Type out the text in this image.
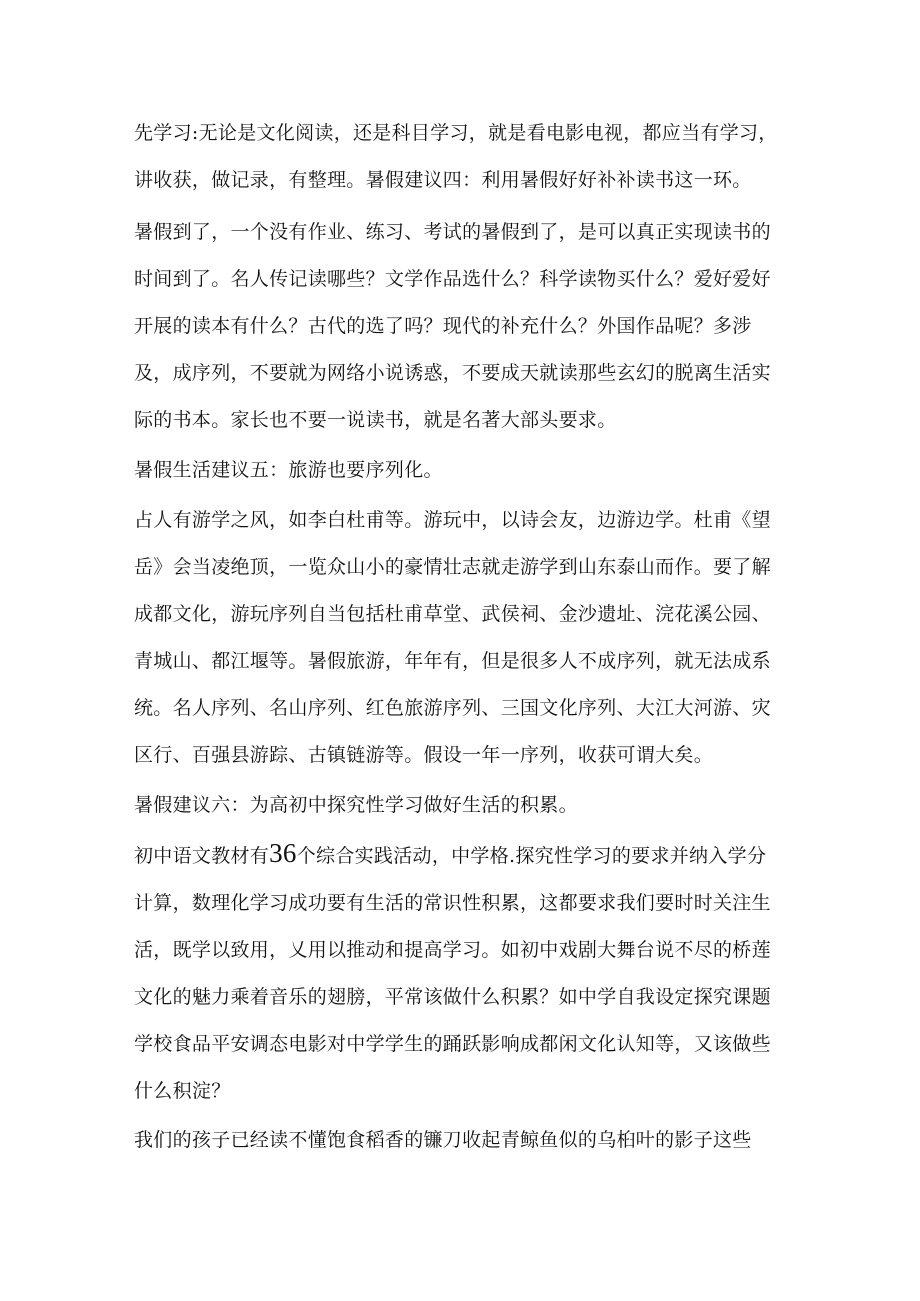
先学习:无论是文化阅读，还是科目学习，就是看电影电视，都应当有学习，
讲收获，做记录，有整理。暑假建议四：利用暑假好好补补读书这一环。
暑假到了，一个没有作业、练习、考试的暑假到了，是可以真正实现读书的
时间到了。名人传记读哪些？文学作品选什么？科学读物买什么？爱好爱好
开展的读本有什么？古代的选了吗？现代的补充什么？外国作品呢？多涉
及，成序列，不要就为网络小说诱惑，不要成天就读那些玄幻的脱离生活实
际的书本。家长也不要一说读书，就是名著大部头要求。
暑假生活建议五：旅游也要序列化。
占人有游学之风，如李白杜甫等。游玩中，以诗会友，边游边学。杜甫《望
岳》会当凌绝顶，一览众山小的豪情壮志就走游学到山东泰山而作。要了解
成都文化，游玩序列自当包括杜甫草堂、武侯祠、金沙遗址、浣花溪公园、
青城山、都江堰等。暑假旅游，年年有，但是很多人不成序列，就无法成系
统。名人序列、名山序列、红色旅游序列、三国文化序列、大江大河游、灾
区行、百强县游踪、古镇链游等。假设一年一序列，收获可谓大矣。
暑假建议六：为高初中探究性学习做好生活的积累。
初中语文教材有36个综合实践活动，中学格.探究性学习的要求并纳入学分
计算，数理化学习成功要有生活的常识性积累，这都要求我们要时时关注生
活，既学以致用，乂用以推动和提高学习。如初中戏剧大舞台说不尽的桥莲
文化的魅力乘着音乐的翅膀，平常该做什么积累？如中学自我设定探究课题
学校食品平安调态电影对中学学生的踊跃影响成都闲文化认知等，又该做些
什么积淀？
我们的孩子已经读不懂饱食稻香的镰刀收起青鲸鱼似的乌桕叶的影子这些
